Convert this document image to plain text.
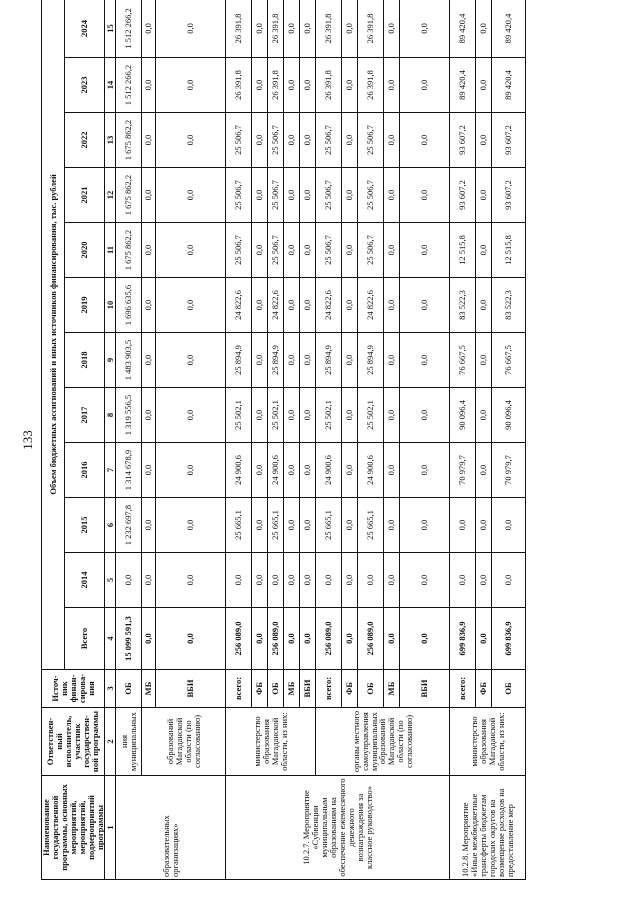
133
Наименование государственной программы, основных мероприятий, мероприятий, подмероприятий программы	Ответствен-ный исполнитель, участник государствен-ной программы	Источ-ник финан-сирова-ния	Объем бюджетных ассигнований и иных источников финансирования, тыс. рублей											
			Всего	2014	2015	2016	2017	2018	2019	2020	2021	2022	2023	2024
1	2	3	4	5	6	7	8	9	10	11	12	13	14	15
образовательных организациях»	ния муниципальных	ОБ	15 099 591,3	0,0	1 232 697,8	1 314 678,9	1 319 556,5	1 483 903,5	1 696 635,6	1 675 862,2	1 675 862,2	1 675 862,2	1 512 266,2	1 512 266,2
	образований Магаданской области (по согласованию)	МБ	0,0	0,0	0,0	0,0	0,0	0,0	0,0	0,0	0,0	0,0	0,0	0,0
		ВБИ	0,0	0,0	0,0	0,0	0,0	0,0	0,0	0,0	0,0	0,0	0,0	0,0
10.2.7. Мероприятие «Субвенции муниципальным образованиям на обеспечение ежемесячного денежного вознаграждения за классное руководство»	министерство образования Магаданской области, из них:	всего:	256 089,0	0,0	25 665,1	24 900,6	25 502,1	25 894,9	24 822,6	25 506,7	25 506,7	25 506,7	26 391,8	26 391,8
		ФБ	0,0	0,0	0,0	0,0	0,0	0,0	0,0	0,0	0,0	0,0	0,0	0,0
		ОБ	256 089,0	0,0	25 665,1	24 900,6	25 502,1	25 894,9	24 822,6	25 506,7	25 506,7	25 506,7	26 391,8	26 391,8
		МБ	0,0	0,0	0,0	0,0	0,0	0,0	0,0	0,0	0,0	0,0	0,0	0,0
		ВБИ	0,0	0,0	0,0	0,0	0,0	0,0	0,0	0,0	0,0	0,0	0,0	0,0
	органы местного самоуправления муниципальных образований Магаданской области (по согласованию)	всего:	256 089,0	0,0	25 665,1	24 900,6	25 502,1	25 894,9	24 822,6	25 506,7	25 506,7	25 506,7	26 391,8	26 391,8
		ФБ	0,0	0,0	0,0	0,0	0,0	0,0	0,0	0,0	0,0	0,0	0,0	0,0
		ОБ	256 089,0	0,0	25 665,1	24 900,6	25 502,1	25 894,9	24 822,6	25 506,7	25 506,7	25 506,7	26 391,8	26 391,8
		МБ	0,0	0,0	0,0	0,0	0,0	0,0	0,0	0,0	0,0	0,0	0,0	0,0
		ВБИ	0,0	0,0	0,0	0,0	0,0	0,0	0,0	0,0	0,0	0,0	0,0	0,0
10.2.8. Мероприятие «Иные межбюджетные трансферты бюджетам городских округов на возмещение расходов на предоставление мер	министерство образования Магаданской области, из них:	всего:	699 836,9	0,0	0,0	70 979,7	90 096,4	76 667,5	83 522,3	12 515,8	93 607,2	93 607,2	89 420,4	89 420,4
		ФБ	0,0	0,0	0,0	0,0	0,0	0,0	0,0	0,0	0,0	0,0	0,0	0,0
		ОБ	699 836,9	0,0	0,0	70 979,7	90 096,4	76 667,5	83 522,3	12 515,8	93 607,2	93 607,2	89 420,4	89 420,4
